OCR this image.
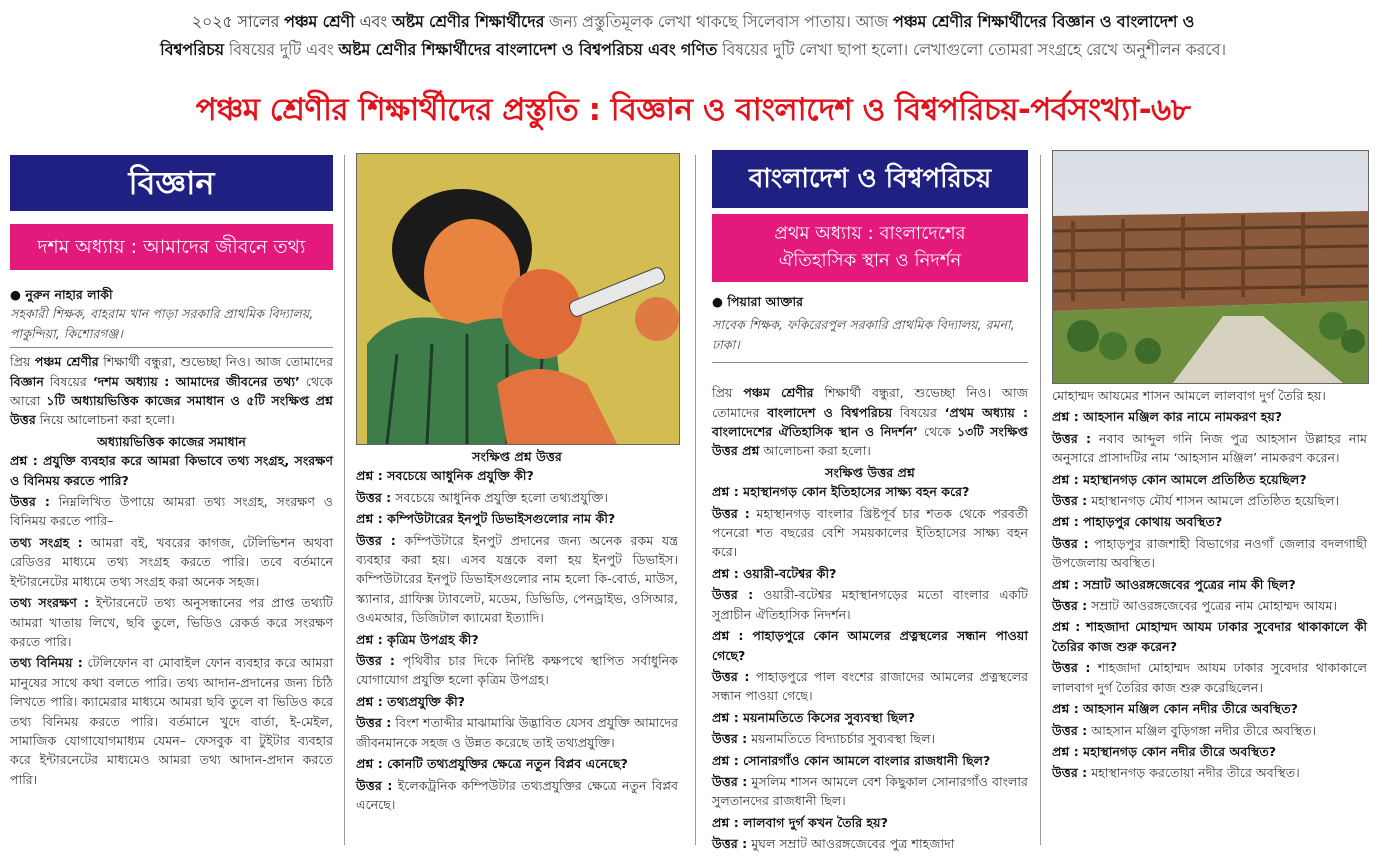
২০২৫ সালের পঞ্চম শ্রেণী এবং অষ্টম শ্রেণীর শিক্ষার্থীদের জন্য প্রস্তুতিমূলক লেখা থাকছে সিলেবাস পাতায়। আজ পঞ্চম শ্রেণীর শিক্ষার্থীদের বিজ্ঞান ও বাংলাদেশ ও
বিশ্বপরিচয় বিষয়ের দুটি এবং অষ্টম শ্রেণীর শিক্ষার্থীদের বাংলাদেশ ও বিশ্বপরিচয় এবং গণিত বিষয়ের দুটি লেখা ছাপা হলো। লেখাগুলো তোমরা সংগ্রহে রেখে অনুশীলন করবে।
পঞ্চম শ্রেণীর শিক্ষার্থীদের প্রস্তুতি : বিজ্ঞান ও বাংলাদেশ ও বিশ্বপরিচয়-পর্বসংখ্যা-৬৮
বিজ্ঞান
দশম অধ্যায় : আমাদের জীবনে তথ্য
● নুরুন নাহার লাকী
সহকারী শিক্ষক, বাহরাম খান পাড়া সরকারি প্রাথমিক বিদ্যালয়, পাকুন্দিয়া, কিশোরগঞ্জ।

প্রিয় পঞ্চম শ্রেণীর শিক্ষার্থী বন্ধুরা, শুভেচ্ছা নিও। আজ তোমাদের বিজ্ঞান বিষয়ের ‘দশম অধ্যায় : আমাদের জীবনের তথ্য’ থেকে আরো ১টি অধ্যায়ভিত্তিক কাজের সমাধান ও ৫টি সংক্ষিপ্ত প্রশ্ন উত্তর নিয়ে আলোচনা করা হলো।

অধ্যায়ভিত্তিক কাজের সমাধান

প্রশ্ন : প্রযুক্তি ব্যবহার করে আমরা কিভাবে তথ্য সংগ্রহ, সংরক্ষণ ও বিনিময় করতে পারি?

উত্তর : নিম্নলিখিত উপায়ে আমরা তথ্য সংগ্রহ, সংরক্ষণ ও বিনিময় করতে পারি–

তথ্য সংগ্রহ : আমরা বই, খবরের কাগজ, টেলিভিশন অথবা রেডিওর মাধ্যমে তথ্য সংগ্রহ করতে পারি। তবে বর্তমানে ইন্টারনেটের মাধ্যমে তথ্য সংগ্রহ করা অনেক সহজ।

তথ্য সংরক্ষণ : ইন্টারনেটে তথ্য অনুসন্ধানের পর প্রাপ্ত তথ্যটি আমরা খাতায় লিখে, ছবি তুলে, ভিডিও রেকর্ড করে সংরক্ষণ করতে পারি।

তথ্য বিনিময় : টেলিফোন বা মোবাইল ফোন ব্যবহার করে আমরা মানুষের সাথে কথা বলতে পারি। তথ্য আদান-প্রদানের জন্য চিঠি লিখতে পারি। ক্যামেরার মাধ্যমে আমরা ছবি তুলে বা ভিডিও করে তথ্য বিনিময় করতে পারি। বর্তমানে খুদে বার্তা, ই-মেইল, সামাজিক যোগাযোগমাধ্যম যেমন– ফেসবুক বা টুইটার ব্যবহার করে ইন্টারনেটের মাধ্যমেও আমরা তথ্য আদান-প্রদান করতে পারি।

সংক্ষিপ্ত প্রশ্ন উত্তর

প্রশ্ন : সবচেয়ে আধুনিক প্রযুক্তি কী?

উত্তর : সবচেয়ে আধুনিক প্রযুক্তি হলো তথ্যপ্রযুক্তি।

প্রশ্ন : কম্পিউটারের ইনপুট ডিভাইসগুলোর নাম কী?

উত্তর : কম্পিউটারে ইনপুট প্রদানের জন্য অনেক রকম যন্ত্র ব্যবহার করা হয়। এসব যন্ত্রকে বলা হয় ইনপুট ডিভাইস। কম্পিউটারের ইনপুট ডিভাইসগুলোর নাম হলো কি-বোর্ড, মাউস, স্ক্যানার, গ্রাফিক্স ট্যাবলেট, মডেম, ডিভিডি, পেনড্রাইভ, ওসিআর, ওএমআর, ডিজিটাল ক্যামেরা ইত্যাদি।

প্রশ্ন : কৃত্রিম উপগ্রহ কী?

উত্তর : পৃথিবীর চার দিকে নির্দিষ্ট কক্ষপথে স্থাপিত সর্বাধুনিক যোগাযোগ প্রযুক্তি হলো কৃত্রিম উপগ্রহ।

প্রশ্ন : তথ্যপ্রযুক্তি কী?

উত্তর : বিংশ শতাব্দীর মাঝামাঝি উদ্ভাবিত যেসব প্রযুক্তি আমাদের জীবনমানকে সহজ ও উন্নত করেছে তাই তথ্যপ্রযুক্তি।

প্রশ্ন : কোনটি তথ্যপ্রযুক্তির ক্ষেত্রে নতুন বিপ্লব এনেছে?

উত্তর : ইলেকট্রনিক কম্পিউটার তথ্যপ্রযুক্তির ক্ষেত্রে নতুন বিপ্লব এনেছে।

বাংলাদেশ ও বিশ্বপরিচয়
প্রথম অধ্যায় : বাংলাদেশের
ঐতিহাসিক স্থান ও নিদর্শন
● পিয়ারা আক্তার
সাবেক শিক্ষক, ফকিরেরপুল সরকারি প্রাথমিক বিদ্যালয়, রমনা, ঢাকা।

প্রিয় পঞ্চম শ্রেণীর শিক্ষার্থী বন্ধুরা, শুভেচ্ছা নিও। আজ তোমাদের বাংলাদেশ ও বিশ্বপরিচয় বিষয়ের ‘প্রথম অধ্যায় : বাংলাদেশের ঐতিহাসিক স্থান ও নিদর্শন’ থেকে ১৩টি সংক্ষিপ্ত উত্তর প্রশ্ন আলোচনা করা হলো।

সংক্ষিপ্ত উত্তর প্রশ্ন

প্রশ্ন : মহাস্থানগড় কোন ইতিহাসের সাক্ষ্য বহন করে?

উত্তর : মহাস্থানগড় বাংলার খ্রিষ্টপূর্ব চার শতক থেকে পরবর্তী পনেরো শত বছরের বেশি সময়কালের ইতিহাসের সাক্ষ্য বহন করে।

প্রশ্ন : ওয়ারী-বটেশ্বর কী?

উত্তর : ওয়ারী-বটেশ্বর মহাস্থানগড়ের মতো বাংলার একটি সুপ্রাচীন ঐতিহাসিক নিদর্শন।

প্রশ্ন : পাহাড়পুরে কোন আমলের প্রত্নস্থলের সন্ধান পাওয়া গেছে?

উত্তর : পাহাড়পুরে পাল বংশের রাজাদের আমলের প্রত্নস্থলের সন্ধান পাওয়া গেছে।

প্রশ্ন : ময়নামতিতে কিসের সুব্যবস্থা ছিল?

উত্তর : ময়নামতিতে বিদ্যাচর্চার সুব্যবস্থা ছিল।

প্রশ্ন : সোনারগাঁও কোন আমলে বাংলার রাজধানী ছিল?

উত্তর : মুসলিম শাসন আমলে বেশ কিছুকাল সোনারগাঁও বাংলার সুলতানদের রাজধানী ছিল।

প্রশ্ন : লালবাগ দুর্গ কখন তৈরি হয়?

উত্তর : মুঘল সম্রাট আওরঙ্গজেবের পুত্র শাহজাদা

মোহাম্মদ আযমের শাসন আমলে লালবাগ দুর্গ তৈরি হয়।

প্রশ্ন : আহসান মঞ্জিল কার নামে নামকরণ হয়?

উত্তর : নবাব আব্দুল গনি নিজ পুত্র আহসান উল্লাহর নাম অনুসারে প্রাসাদটির নাম ‘আহসান মঞ্জিল’ নামকরণ করেন।

প্রশ্ন : মহাস্থানগড় কোন আমলে প্রতিষ্ঠিত হয়েছিল?

উত্তর : মহাস্থানগড় মৌর্য শাসন আমলে প্রতিষ্ঠিত হয়েছিল।

প্রশ্ন : পাহাড়পুর কোথায় অবস্থিত?

উত্তর : পাহাড়পুর রাজশাহী বিভাগের নওগাঁ জেলার বদলগাছী উপজেলায় অবস্থিত।

প্রশ্ন : সম্রাট আওরঙ্গজেবের পুত্রের নাম কী ছিল?

উত্তর : সম্রাট আওরঙ্গজেবের পুত্রের নাম মোহাম্মদ আযম।

প্রশ্ন : শাহজাদা মোহাম্মদ আযম ঢাকার সুবেদার থাকাকালে কী তৈরির কাজ শুরু করেন?

উত্তর : শাহজাদা মোহাম্মদ আযম ঢাকার সুবেদার থাকাকালে লালবাগ দুর্গ তৈরির কাজ শুরু করেছিলেন।

প্রশ্ন : আহসান মঞ্জিল কোন নদীর তীরে অবস্থিত?

উত্তর : আহসান মঞ্জিল বুড়িগঙ্গা নদীর তীরে অবস্থিত।

প্রশ্ন : মহাস্থানগড় কোন নদীর তীরে অবস্থিত?

উত্তর : মহাস্থানগড় করতোয়া নদীর তীরে অবস্থিত।
